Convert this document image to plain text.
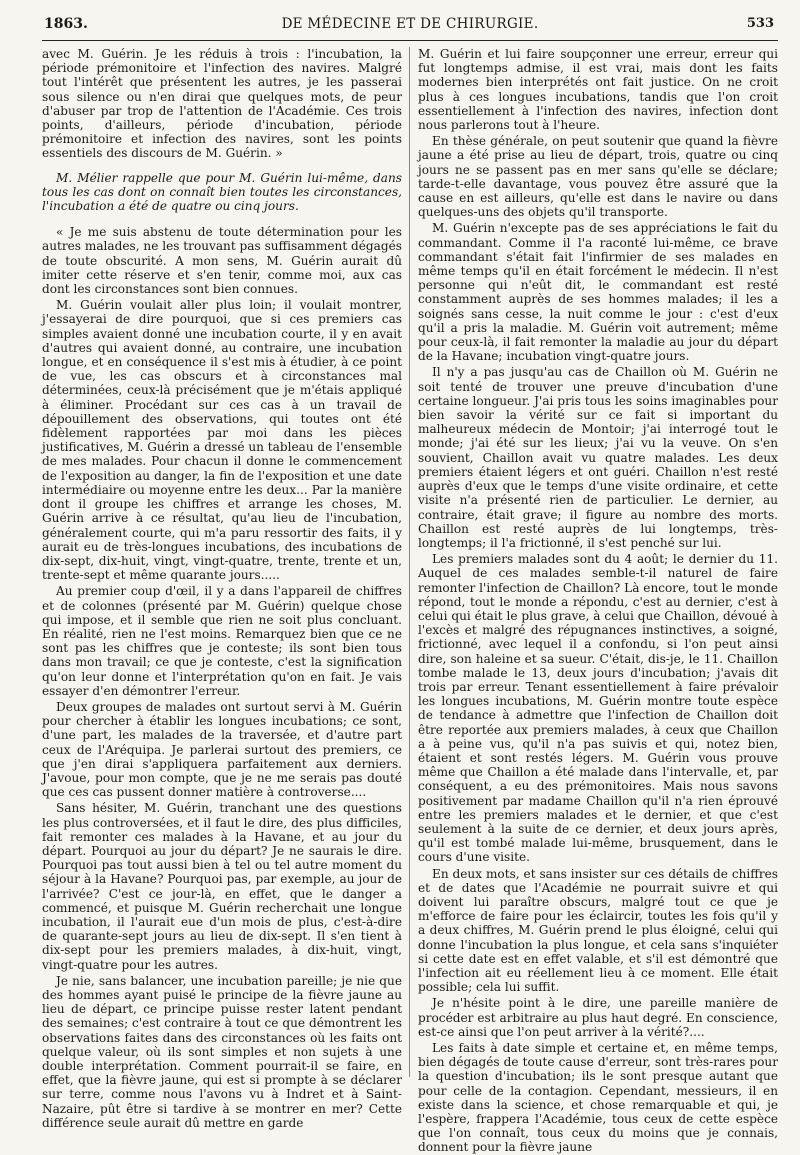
1863.	DE MÉDECINE ET DE CHIRURGIE.	533

avec M. Guérin. Je les réduis à trois : l'incubation, la période prémonitoire et l'infection des navires. Malgré tout l'intérêt que présentent les autres, je les passerai sous silence ou n'en dirai que quelques mots, de peur d'abuser par trop de l'attention de l'Académie. Ces trois points, d'ailleurs, période d'incubation, période prémonitoire et infection des navires, sont les points essentiels des discours de M. Guérin. »

M. Mélier rappelle que pour M. Guérin lui-même, dans tous les cas dont on connaît bien toutes les circonstances, l'incubation a été de quatre ou cinq jours.

« Je me suis abstenu de toute détermination pour les autres malades, ne les trouvant pas suffisamment dégagés de toute obscurité. A mon sens, M. Guérin aurait dû imiter cette réserve et s'en tenir, comme moi, aux cas dont les circonstances sont bien connues.

M. Guérin voulait aller plus loin; il voulait montrer, j'essayerai de dire pourquoi, que si ces premiers cas simples avaient donné une incubation courte, il y en avait d'autres qui avaient donné, au contraire, une incubation longue, et en conséquence il s'est mis à étudier, à ce point de vue, les cas obscurs et à circonstances mal déterminées, ceux-là précisément que je m'étais appliqué à éliminer. Procédant sur ces cas à un travail de dépouillement des observations, qui toutes ont été fidèlement rapportées par moi dans les pièces justificatives, M. Guérin a dressé un tableau de l'ensemble de mes malades. Pour chacun il donne le commencement de l'exposition au danger, la fin de l'exposition et une date intermédiaire ou moyenne entre les deux... Par la manière dont il groupe les chiffres et arrange les choses, M. Guérin arrive à ce résultat, qu'au lieu de l'incubation, généralement courte, qui m'a paru ressortir des faits, il y aurait eu de très-longues incubations, des incubations de dix-sept, dix-huit, vingt, vingt-quatre, trente, trente et un, trente-sept et même quarante jours.....

Au premier coup d'œil, il y a dans l'appareil de chiffres et de colonnes (présenté par M. Guérin) quelque chose qui impose, et il semble que rien ne soit plus concluant. En réalité, rien ne l'est moins. Remarquez bien que ce ne sont pas les chiffres que je conteste; ils sont bien tous dans mon travail; ce que je conteste, c'est la signification qu'on leur donne et l'interprétation qu'on en fait. Je vais essayer d'en démontrer l'erreur.

Deux groupes de malades ont surtout servi à M. Guérin pour chercher à établir les longues incubations; ce sont, d'une part, les malades de la traversée, et d'autre part ceux de l'Aréquipa. Je parlerai surtout des premiers, ce que j'en dirai s'appliquera parfaitement aux derniers. J'avoue, pour mon compte, que je ne me serais pas douté que ces cas pussent donner matière à controverse....

Sans hésiter, M. Guérin, tranchant une des questions les plus controversées, et il faut le dire, des plus difficiles, fait remonter ces malades à la Havane, et au jour du départ. Pourquoi au jour du départ? Je ne saurais le dire. Pourquoi pas tout aussi bien à tel ou tel autre moment du séjour à la Havane? Pourquoi pas, par exemple, au jour de l'arrivée? C'est ce jour-là, en effet, que le danger a commencé, et puisque M. Guérin recherchait une longue incubation, il l'aurait eue d'un mois de plus, c'est-à-dire de quarante-sept jours au lieu de dix-sept. Il s'en tient à dix-sept pour les premiers malades, à dix-huit, vingt, vingt-quatre pour les autres.

Je nie, sans balancer, une incubation pareille; je nie que des hommes ayant puisé le principe de la fièvre jaune au lieu de départ, ce principe puisse rester latent pendant des semaines; c'est contraire à tout ce que démontrent les observations faites dans des circonstances où les faits ont quelque valeur, où ils sont simples et non sujets à une double interprétation. Comment pourrait-il se faire, en effet, que la fièvre jaune, qui est si prompte à se déclarer sur terre, comme nous l'avons vu à Indret et à Saint-Nazaire, pût être si tardive à se montrer en mer? Cette différence seule aurait dû mettre en garde

M. Guérin et lui faire soupçonner une erreur, erreur qui fut longtemps admise, il est vrai, mais dont les faits modernes bien interprétés ont fait justice. On ne croit plus à ces longues incubations, tandis que l'on croit essentiellement à l'infection des navires, infection dont nous parlerons tout à l'heure.

En thèse générale, on peut soutenir que quand la fièvre jaune a été prise au lieu de départ, trois, quatre ou cinq jours ne se passent pas en mer sans qu'elle se déclare; tarde-t-elle davantage, vous pouvez être assuré que la cause en est ailleurs, qu'elle est dans le navire ou dans quelques-uns des objets qu'il transporte.

M. Guérin n'excepte pas de ses appréciations le fait du commandant. Comme il l'a raconté lui-même, ce brave commandant s'était fait l'infirmier de ses malades en même temps qu'il en était forcément le médecin. Il n'est personne qui n'eût dit, le commandant est resté constamment auprès de ses hommes malades; il les a soignés sans cesse, la nuit comme le jour : c'est d'eux qu'il a pris la maladie. M. Guérin voit autrement; même pour ceux-là, il fait remonter la maladie au jour du départ de la Havane; incubation vingt-quatre jours.

Il n'y a pas jusqu'au cas de Chaillon où M. Guérin ne soit tenté de trouver une preuve d'incubation d'une certaine longueur. J'ai pris tous les soins imaginables pour bien savoir la vérité sur ce fait si important du malheureux médecin de Montoir; j'ai interrogé tout le monde; j'ai été sur les lieux; j'ai vu la veuve. On s'en souvient, Chaillon avait vu quatre malades. Les deux premiers étaient légers et ont guéri. Chaillon n'est resté auprès d'eux que le temps d'une visite ordinaire, et cette visite n'a présenté rien de particulier. Le dernier, au contraire, était grave; il figure au nombre des morts. Chaillon est resté auprès de lui longtemps, très-longtemps; il l'a frictionné, il s'est penché sur lui.

Les premiers malades sont du 4 août; le dernier du 11. Auquel de ces malades semble-t-il naturel de faire remonter l'infection de Chaillon? Là encore, tout le monde répond, tout le monde a répondu, c'est au dernier, c'est à celui qui était le plus grave, à celui que Chaillon, dévoué à l'excès et malgré des répugnances instinctives, a soigné, frictionné, avec lequel il a confondu, si l'on peut ainsi dire, son haleine et sa sueur. C'était, dis-je, le 11. Chaillon tombe malade le 13, deux jours d'incubation; j'avais dit trois par erreur. Tenant essentiellement à faire prévaloir les longues incubations, M. Guérin montre toute espèce de tendance à admettre que l'infection de Chaillon doit être reportée aux premiers malades, à ceux que Chaillon a à peine vus, qu'il n'a pas suivis et qui, notez bien, étaient et sont restés légers. M. Guérin vous prouve même que Chaillon a été malade dans l'intervalle, et, par conséquent, a eu des prémonitoires. Mais nous savons positivement par madame Chaillon qu'il n'a rien éprouvé entre les premiers malades et le dernier, et que c'est seulement à la suite de ce dernier, et deux jours après, qu'il est tombé malade lui-même, brusquement, dans le cours d'une visite.

En deux mots, et sans insister sur ces détails de chiffres et de dates que l'Académie ne pourrait suivre et qui doivent lui paraître obscurs, malgré tout ce que je m'efforce de faire pour les éclaircir, toutes les fois qu'il y a deux chiffres, M. Guérin prend le plus éloigné, celui qui donne l'incubation la plus longue, et cela sans s'inquiéter si cette date est en effet valable, et s'il est démontré que l'infection ait eu réellement lieu à ce moment. Elle était possible; cela lui suffit.

Je n'hésite point à le dire, une pareille manière de procéder est arbitraire au plus haut degré. En conscience, est-ce ainsi que l'on peut arriver à la vérité?....

Les faits à date simple et certaine et, en même temps, bien dégagés de toute cause d'erreur, sont très-rares pour la question d'incubation; ils le sont presque autant que pour celle de la contagion. Cependant, messieurs, il en existe dans la science, et chose remarquable et qui, je l'espère, frappera l'Académie, tous ceux de cette espèce que l'on connaît, tous ceux du moins que je connais, donnent pour la fièvre jaune
